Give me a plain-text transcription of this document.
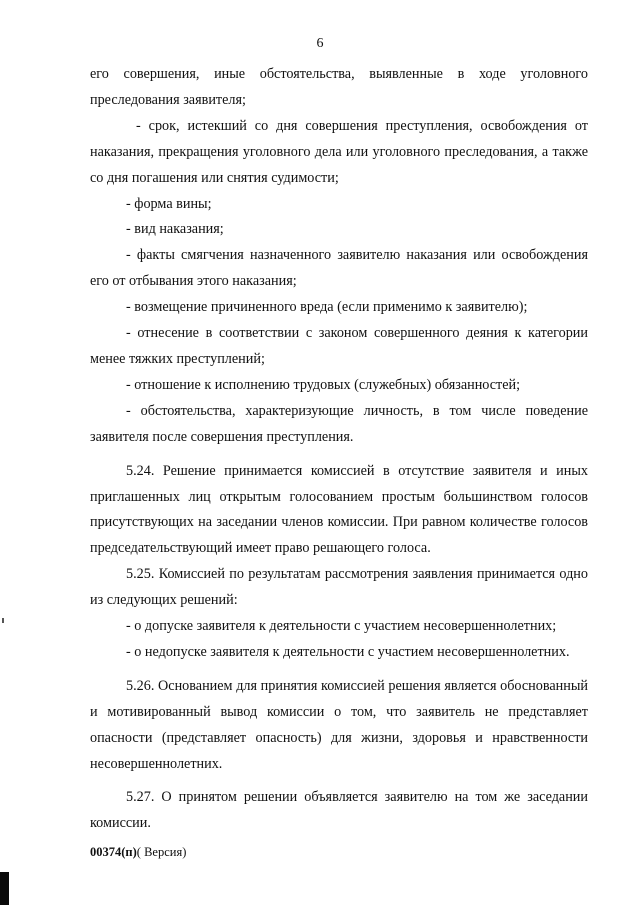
6

его совершения, иные обстоятельства, выявленные в ходе уголовного преследования заявителя;

- срок, истекший со дня совершения преступления, освобождения от наказания, прекращения уголовного дела или уголовного преследования, а также со дня погашения или снятия судимости;

- форма вины;

- вид наказания;

- факты смягчения назначенного заявителю наказания или освобождения его от отбывания этого наказания;

- возмещение причиненного вреда (если применимо к заявителю);

- отнесение в соответствии с законом совершенного деяния к категории менее тяжких преступлений;

- отношение к исполнению трудовых (служебных) обязанностей;

- обстоятельства, характеризующие личность, в том числе поведение заявителя после совершения преступления.

5.24. Решение принимается комиссией в отсутствие заявителя и иных приглашенных лиц открытым голосованием простым большинством голосов присутствующих на заседании членов комиссии. При равном количестве голосов председательствующий имеет право решающего голоса.

5.25. Комиссией по результатам рассмотрения заявления принимается одно из следующих решений:

- о допуске заявителя к деятельности с участием несовершеннолетних;

- о недопуске заявителя к деятельности с участием несовершеннолетних.

5.26. Основанием для принятия комиссией решения является обоснованный и мотивированный вывод комиссии о том, что заявитель не представляет опасности (представляет опасность) для жизни, здоровья и нравственности несовершеннолетних.

5.27. О принятом решении объявляется заявителю на том же заседании комиссии.

00374(п)( Версия)
